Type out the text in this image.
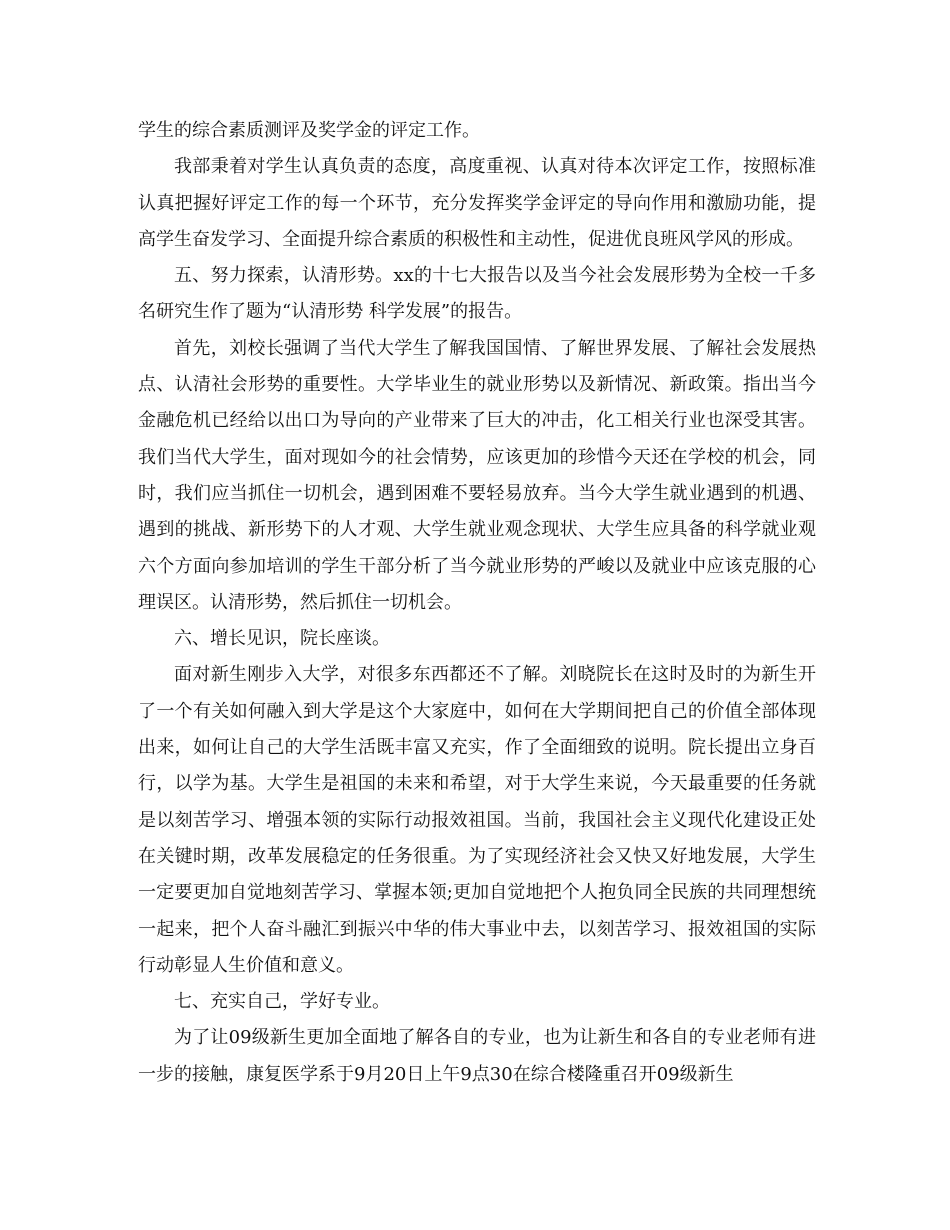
学生的综合素质测评及奖学金的评定工作。

我部秉着对学生认真负责的态度，高度重视、认真对待本次评定工作，按照标准认真把握好评定工作的每一个环节，充分发挥奖学金评定的导向作用和激励功能，提高学生奋发学习、全面提升综合素质的积极性和主动性，促进优良班风学风的形成。

五、努力探索，认清形势。xx的十七大报告以及当今社会发展形势为全校一千多名研究生作了题为“认清形势 科学发展”的报告。

首先，刘校长强调了当代大学生了解我国国情、了解世界发展、了解社会发展热点、认清社会形势的重要性。大学毕业生的就业形势以及新情况、新政策。指出当今金融危机已经给以出口为导向的产业带来了巨大的冲击，化工相关行业也深受其害。我们当代大学生，面对现如今的社会情势，应该更加的珍惜今天还在学校的机会，同时，我们应当抓住一切机会，遇到困难不要轻易放弃。当今大学生就业遇到的机遇、遇到的挑战、新形势下的人才观、大学生就业观念现状、大学生应具备的科学就业观六个方面向参加培训的学生干部分析了当今就业形势的严峻以及就业中应该克服的心理误区。认清形势，然后抓住一切机会。

六、增长见识，院长座谈。

面对新生刚步入大学，对很多东西都还不了解。刘晓院长在这时及时的为新生开了一个有关如何融入到大学是这个大家庭中，如何在大学期间把自己的价值全部体现出来，如何让自己的大学生活既丰富又充实，作了全面细致的说明。院长提出立身百行，以学为基。大学生是祖国的未来和希望，对于大学生来说，今天最重要的任务就是以刻苦学习、增强本领的实际行动报效祖国。当前，我国社会主义现代化建设正处在关键时期，改革发展稳定的任务很重。为了实现经济社会又快又好地发展，大学生一定要更加自觉地刻苦学习、掌握本领;更加自觉地把个人抱负同全民族的共同理想统一起来，把个人奋斗融汇到振兴中华的伟大事业中去，以刻苦学习、报效祖国的实际行动彰显人生价值和意义。

七、充实自己，学好专业。

为了让09级新生更加全面地了解各自的专业，也为让新生和各自的专业老师有进一步的接触，康复医学系于9月20日上午9点30在综合楼隆重召开09级新生
